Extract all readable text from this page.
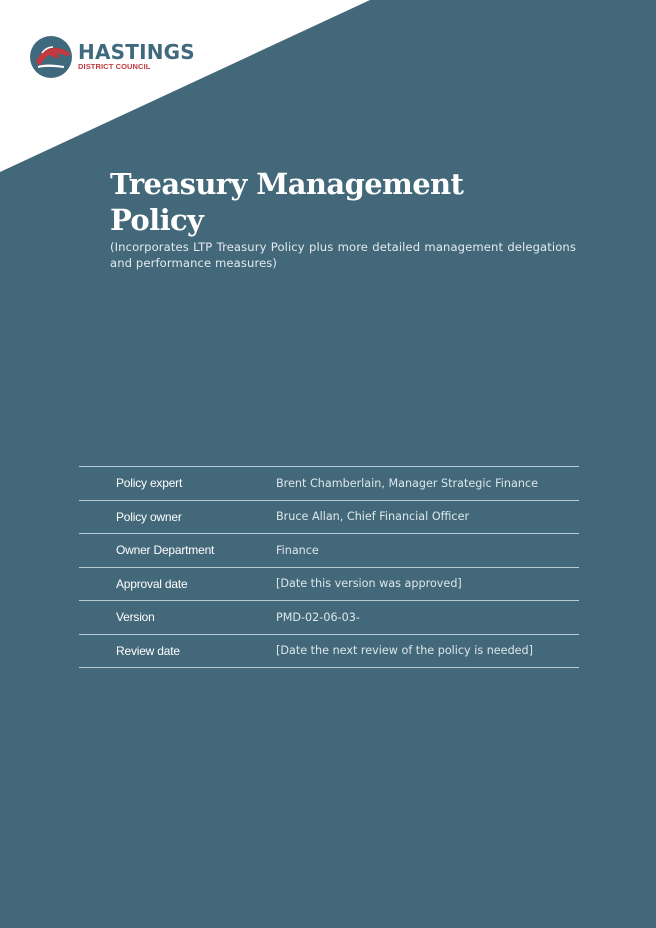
HASTINGS
DISTRICT COUNCIL
Treasury Management
Policy
(Incorporates LTP Treasury Policy plus more detailed management delegations and performance measures)
Policy expert	Brent Chamberlain, Manager Strategic Finance
Policy owner	Bruce Allan, Chief Financial Officer
Owner Department	Finance
Approval date	[Date this version was approved]
Version	PMD-02-06-03-
Review date	[Date the next review of the policy is needed]
